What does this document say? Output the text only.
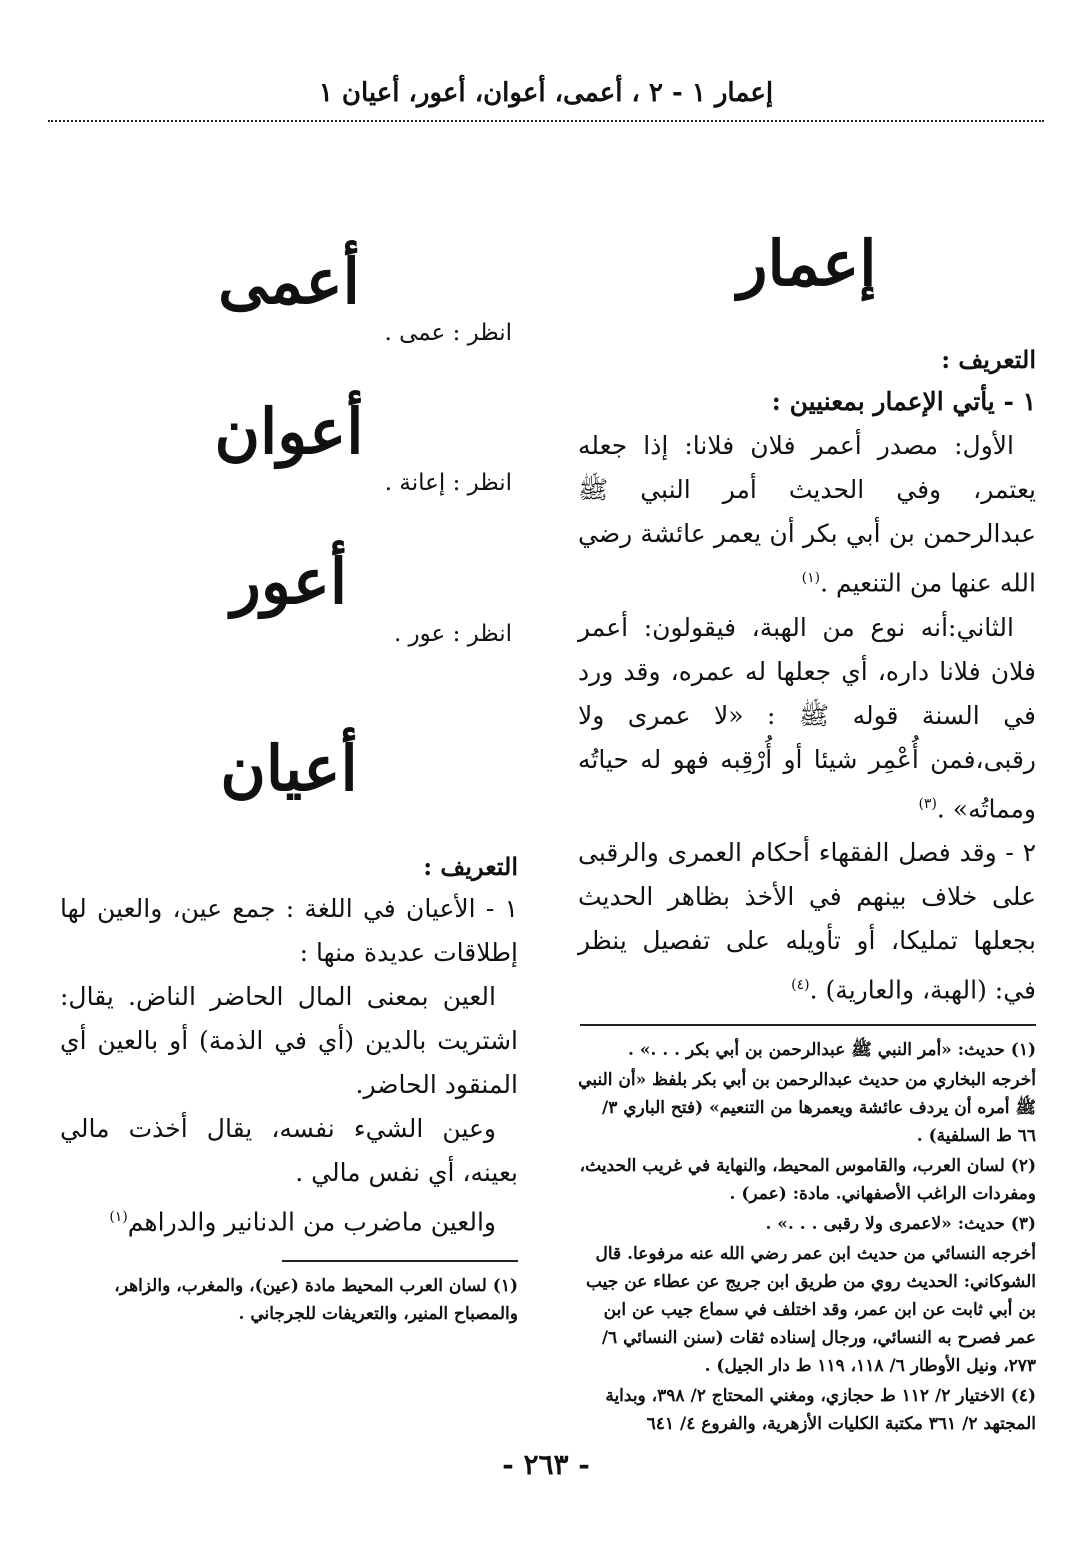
إعمار ١ - ٢ ، أعمى، أعوان، أعور، أعيان ١
إعمار
التعريف :
١ - يأتي الإعمار بمعنيين :
الأول: مصدر أعمر فلان فلانا: إذا جعله يعتمر، وفي الحديث أمر النبي ﷺ عبدالرحمن بن أبي بكر أن يعمر عائشة رضي الله عنها من التنعيم .$^{(١)}$
الثاني:أنه نوع من الهبة، فيقولون: أعمر فلان فلانا داره، أي جعلها له عمره، وقد ورد في السنة قوله ﷺ : «لا عمرى ولا رقبى،فمن أُعْمِر شيئا أو أُرْقِبه فهو له حياتُه ومماتُه» .$^{(٣)}$
٢ - وقد فصل الفقهاء أحكام العمرى والرقبى على خلاف بينهم في الأخذ بظاهر الحديث بجعلها تمليكا، أو تأويله على تفصيل ينظر في: (الهبة، والعارية) .$^{(٤)}$
(١) حديث: «أمر النبي ﷺ عبدالرحمن بن أبي بكر . . .» .
أخرجه البخاري من حديث عبدالرحمن بن أبي بكر بلفظ «أن النبي ﷺ أمره أن يردف عائشة ويعمرها من التنعيم» (فتح الباري ٣/ ٦٦ ط السلفية) .
(٢) لسان العرب، والقاموس المحيط، والنهاية في غريب الحديث، ومفردات الراغب الأصفهاني. مادة: (عمر) .
(٣) حديث: «لاعمرى ولا رقبى . . .» .
أخرجه النسائي من حديث ابن عمر رضي الله عنه مرفوعا. قال الشوكاني: الحديث روي من طريق ابن جريج عن عطاء عن جيب بن أبي ثابت عن ابن عمر، وقد اختلف في سماع جيب عن ابن عمر فصرح به النسائي، ورجال إسناده ثقات (سنن النسائي ٦/ ٢٧٣، ونيل الأوطار ٦/ ١١٨، ١١٩ ط دار الجيل) .
(٤) الاختيار ٢/ ١١٢ ط حجازي، ومغني المحتاج ٢/ ٣٩٨، وبداية المجتهد ٢/ ٣٦١ مكتبة الكليات الأزهرية، والفروع ٤/ ٦٤١
أعمى
انظر : عمى .
أعوان
انظر : إعانة .
أعور
انظر : عور .
أعيان
التعريف :
١ - الأعيان في اللغة : جمع عين، والعين لها إطلاقات عديدة منها :
العين بمعنى المال الحاضر الناض. يقال: اشتريت بالدين (أي في الذمة) أو بالعين أي المنقود الحاضر.
وعين الشيء نفسه، يقال أخذت مالي بعينه، أي نفس مالي .
والعين ماضرب من الدنانير والدراهم$^{(١)}$
(١) لسان العرب المحيط مادة (عين)، والمغرب، والزاهر، والمصباح المنير، والتعريفات للجرجاني .
- ٢٦٣ -
